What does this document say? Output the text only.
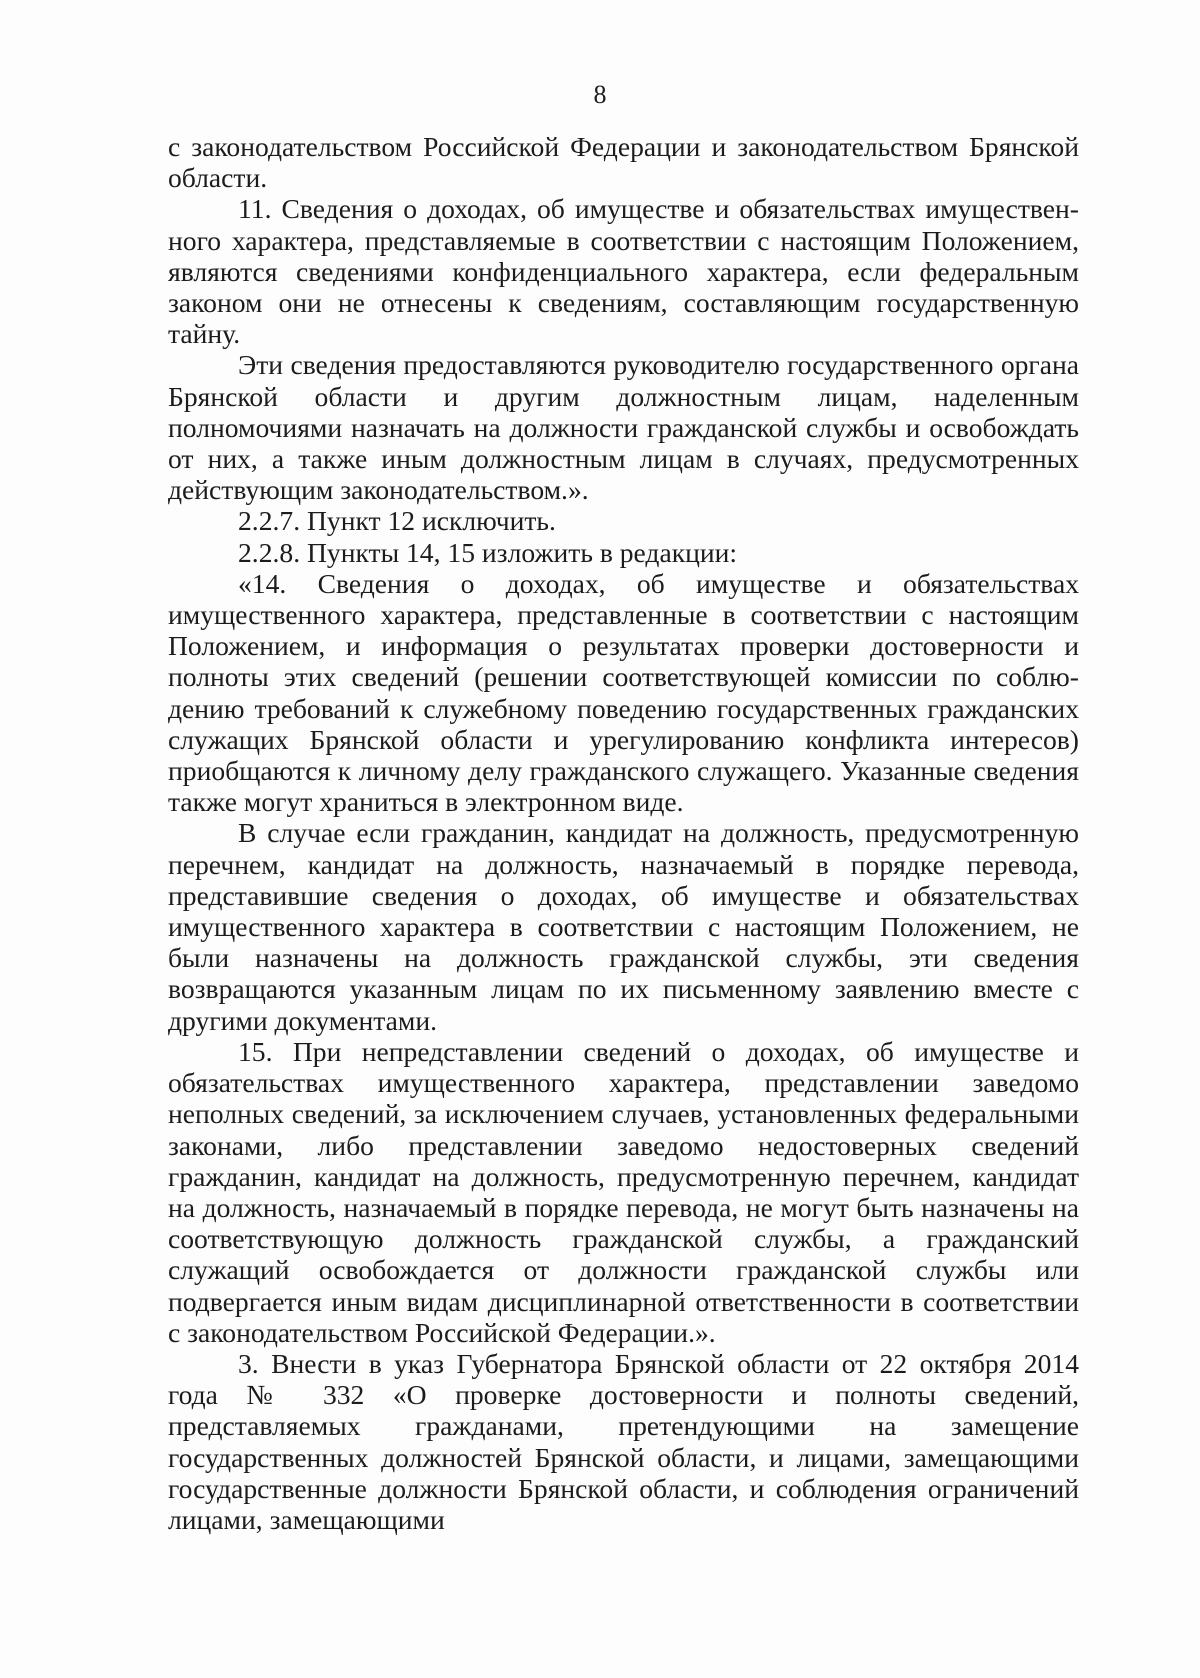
8

с законодательством Российской Федерации и законодательством Брянской области.

11. Сведения о доходах, об имуществе и обязательствах имущественного характера, представляемые в соответствии с настоящим Положением, являются сведениями конфиденциального характера, если федеральным законом они не отнесены к сведениям, составляющим государственную тайну.

Эти сведения предоставляются руководителю государственного органа Брянской области и другим должностным лицам, наделенным полномочиями назначать на должности гражданской службы и освобождать от них, а также иным должностным лицам в случаях, предусмотренных действующим законодательством.».

2.2.7. Пункт 12 исключить.

2.2.8. Пункты 14, 15 изложить в редакции:

«14. Сведения о доходах, об имуществе и обязательствах имущественного характера, представленные в соответствии с настоящим Положением, и информация о результатах проверки достоверности и полноты этих сведений (решении соответствующей комиссии по соблюдению требований к служебному поведению государственных гражданских служащих Брянской области и урегулированию конфликта интересов) приобщаются к личному делу гражданского служащего. Указанные сведения также могут храниться в электронном виде.

В случае если гражданин, кандидат на должность, предусмотренную перечнем, кандидат на должность, назначаемый в порядке перевода, представившие сведения о доходах, об имуществе и обязательствах имущественного характера в соответствии с настоящим Положением, не были назначены на должность гражданской службы, эти сведения возвращаются указанным лицам по их письменному заявлению вместе с другими документами.

15. При непредставлении сведений о доходах, об имуществе и обязательствах имущественного характера, представлении заведомо неполных сведений, за исключением случаев, установленных федеральными законами, либо представлении заведомо недостоверных сведений гражданин, кандидат на должность, предусмотренную перечнем, кандидат на должность, назначаемый в порядке перевода, не могут быть назначены на соответствующую должность гражданской службы, а гражданский служащий освобождается от должности гражданской службы или подвергается иным видам дисциплинарной ответственности в соответствии с законодательством Российской Федерации.».

3. Внести в указ Губернатора Брянской области от 22 октября 2014 года № 332 «О проверке достоверности и полноты сведений, представляемых гражданами, претендующими на замещение государственных должностей Брянской области, и лицами, замещающими государственные должности Брянской области, и соблюдения ограничений лицами, замещающими
